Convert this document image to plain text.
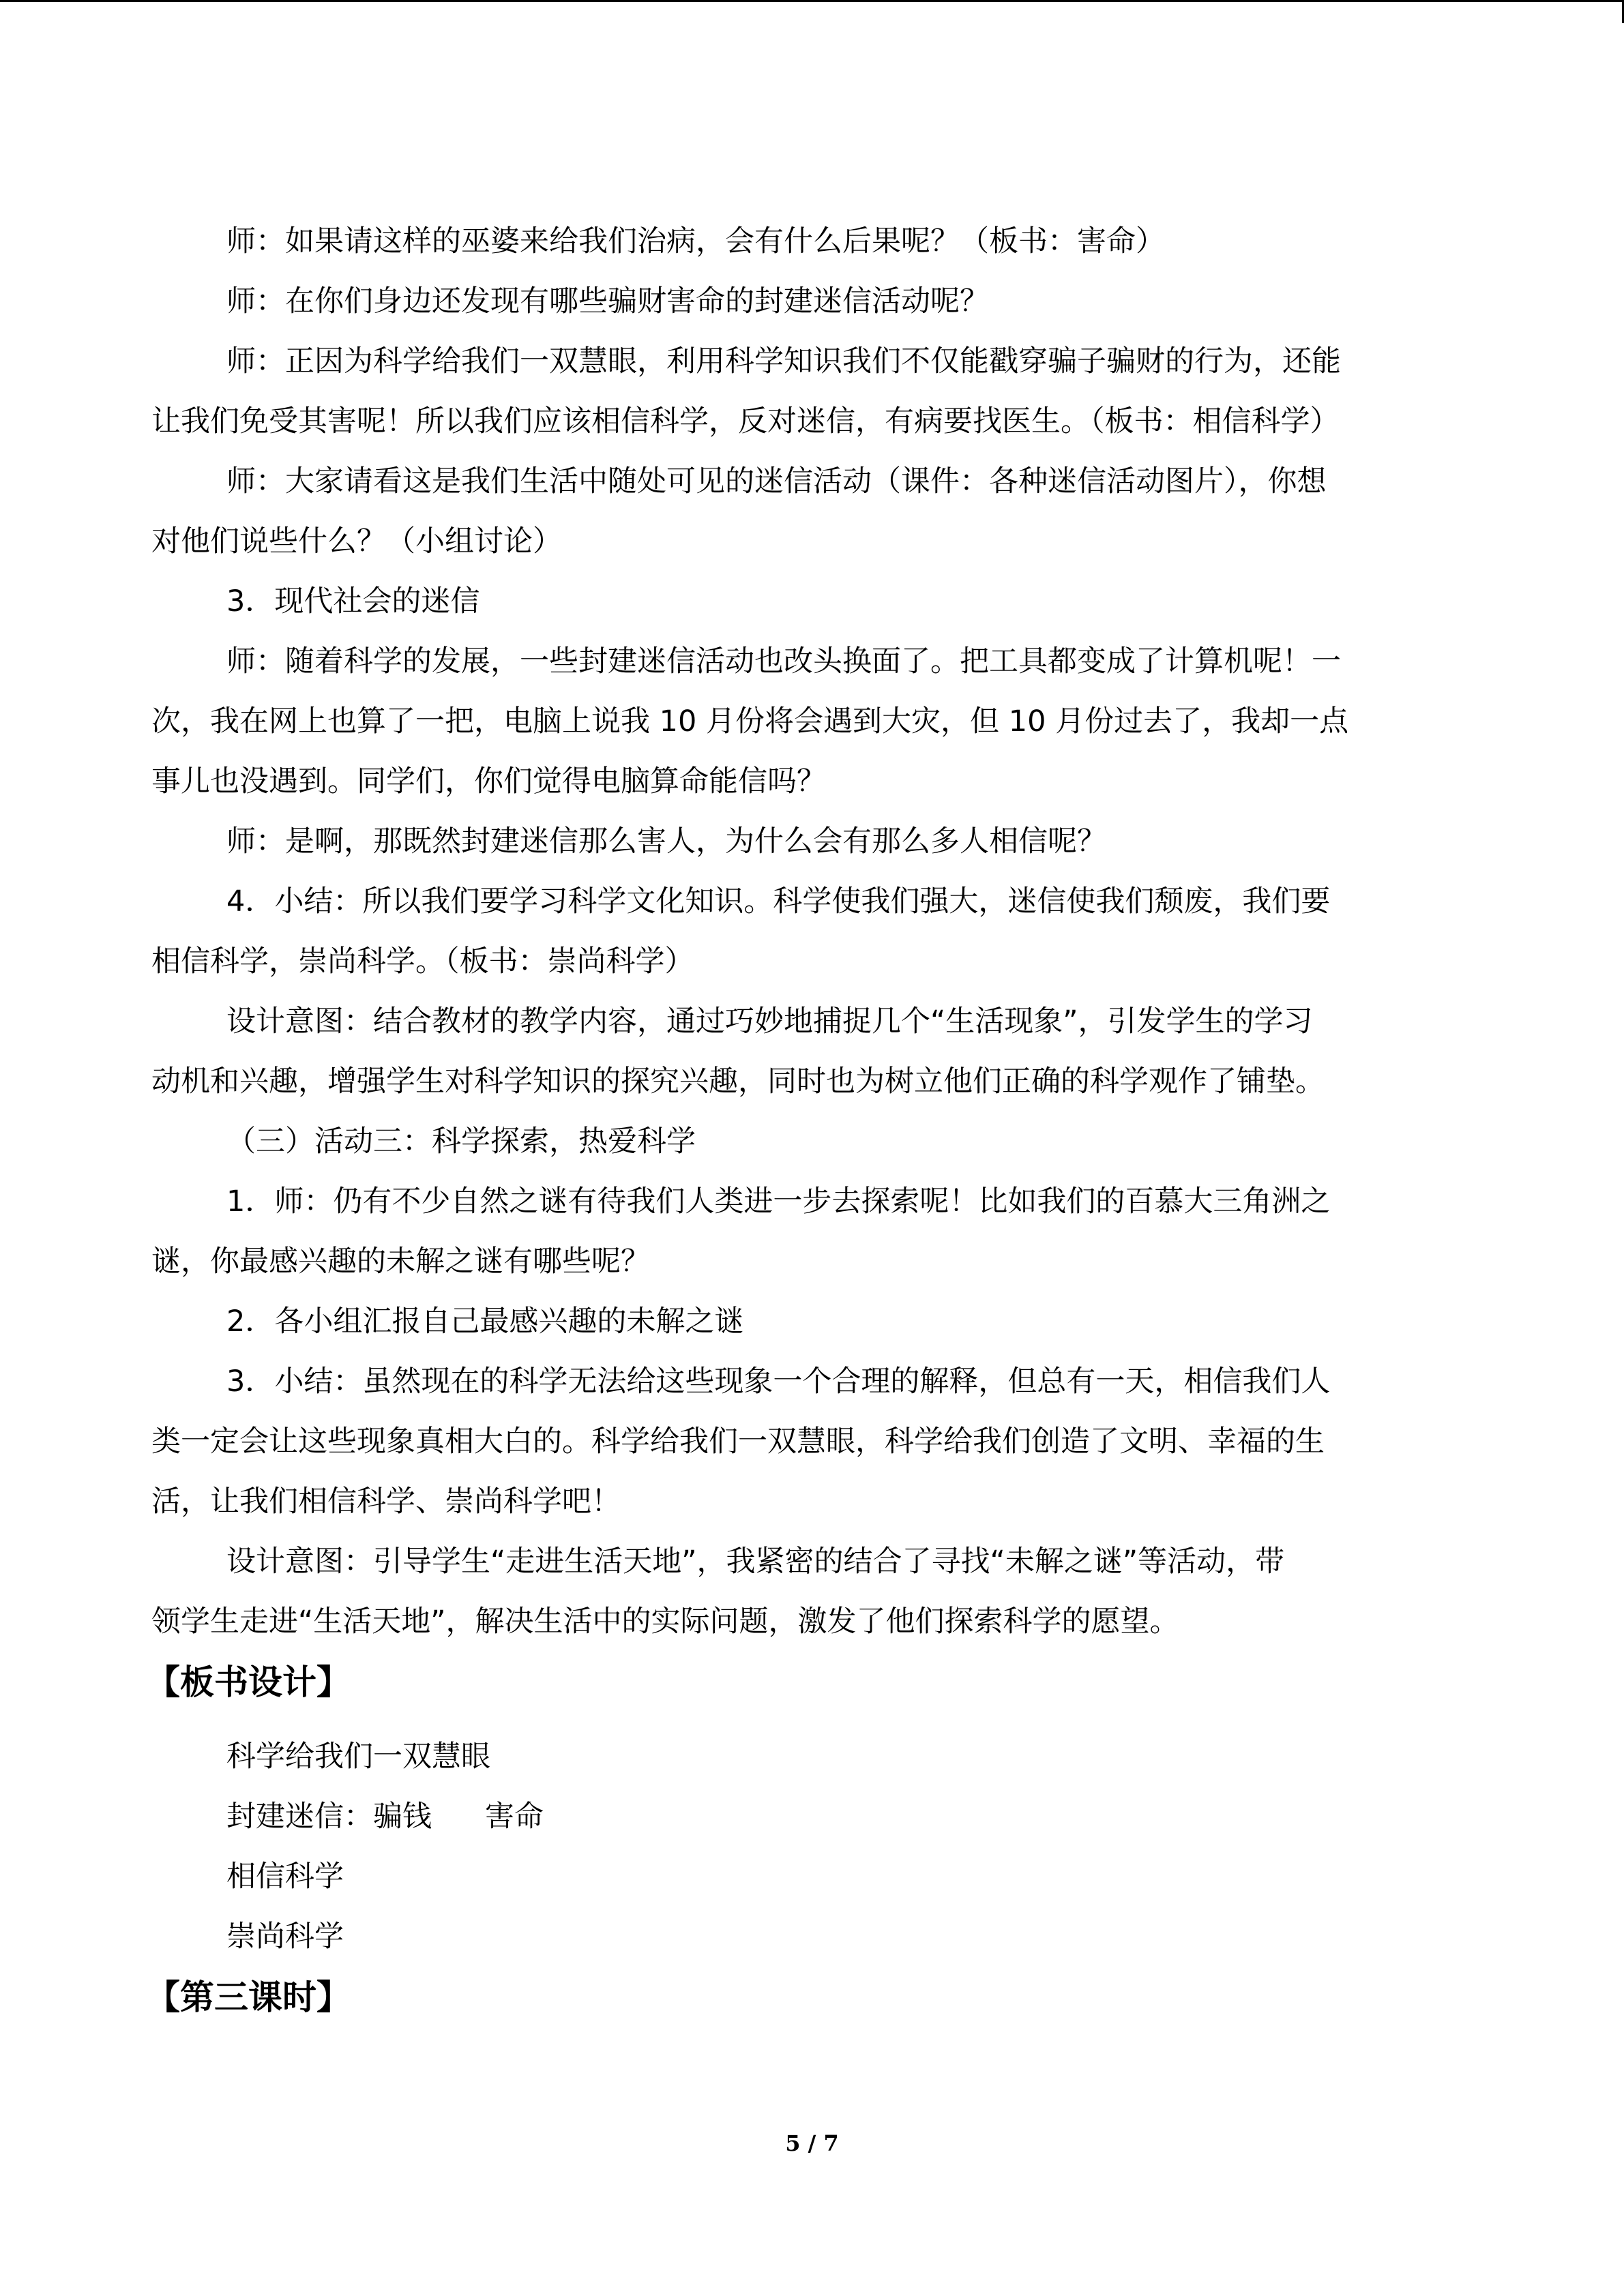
师：如果请这样的巫婆来给我们治病，会有什么后果呢？（板书：害命）
师：在你们身边还发现有哪些骗财害命的封建迷信活动呢？
师：正因为科学给我们一双慧眼，利用科学知识我们不仅能戳穿骗子骗财的行为，还能
让我们免受其害呢！所以我们应该相信科学，反对迷信，有病要找医生。（板书：相信科学）
师：大家请看这是我们生活中随处可见的迷信活动（课件：各种迷信活动图片），你想
对他们说些什么？（小组讨论）
3．现代社会的迷信
师：随着科学的发展，一些封建迷信活动也改头换面了。把工具都变成了计算机呢！一
次，我在网上也算了一把，电脑上说我 10 月份将会遇到大灾，但 10 月份过去了，我却一点
事儿也没遇到。同学们，你们觉得电脑算命能信吗？
师：是啊，那既然封建迷信那么害人，为什么会有那么多人相信呢？
4．小结：所以我们要学习科学文化知识。科学使我们强大，迷信使我们颓废，我们要
相信科学，崇尚科学。（板书：崇尚科学）
设计意图：结合教材的教学内容，通过巧妙地捕捉几个“生活现象”，引发学生的学习
动机和兴趣，增强学生对科学知识的探究兴趣，同时也为树立他们正确的科学观作了铺垫。
（三）活动三：科学探索，热爱科学
1．师：仍有不少自然之谜有待我们人类进一步去探索呢！比如我们的百慕大三角洲之
谜，你最感兴趣的未解之谜有哪些呢？
2．各小组汇报自己最感兴趣的未解之谜
3．小结：虽然现在的科学无法给这些现象一个合理的解释，但总有一天，相信我们人
类一定会让这些现象真相大白的。科学给我们一双慧眼，科学给我们创造了文明、幸福的生
活，让我们相信科学、崇尚科学吧！
设计意图：引导学生“走进生活天地”，我紧密的结合了寻找“未解之谜”等活动，带
领学生走进“生活天地”，解决生活中的实际问题，激发了他们探索科学的愿望。
【板书设计】
科学给我们一双慧眼
封建迷信：骗钱 害命
相信科学
崇尚科学
【第三课时】
5 / 7
